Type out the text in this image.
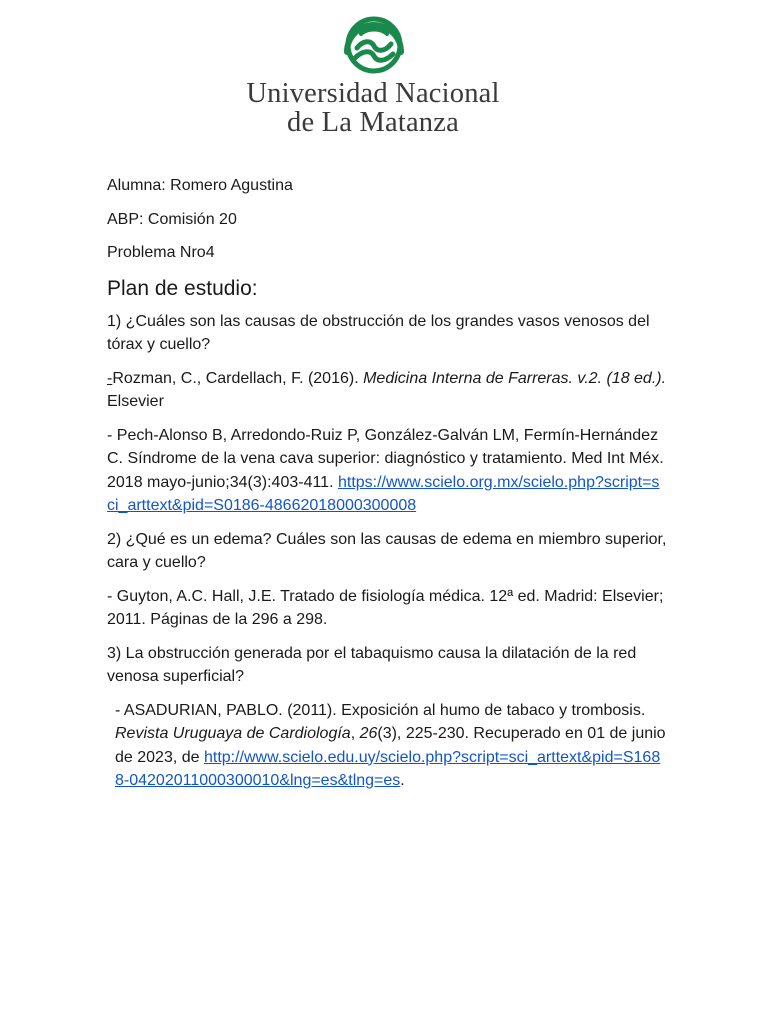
Universidad Nacional
de La Matanza

Alumna: Romero Agustina

ABP: Comisión 20

Problema Nro4

Plan de estudio:

1) ¿Cuáles son las causas de obstrucción de los grandes vasos venosos del tórax y cuello?

-Rozman, C., Cardellach, F. (2016). Medicina Interna de Farreras. v.2. (18 ed.). Elsevier

- Pech-Alonso B, Arredondo-Ruiz P, González-Galván LM, Fermín-Hernández C. Síndrome de la vena cava superior: diagnóstico y tratamiento. Med Int Méx. 2018 mayo-junio;34(3):403-411. https://www.scielo.org.mx/scielo.php?script=sci_arttext&pid=S0186-48662018000300008

2) ¿Qué es un edema? Cuáles son las causas de edema en miembro superior, cara y cuello?

- Guyton, A.C. Hall, J.E. Tratado de fisiología médica. 12ª ed. Madrid: Elsevier; 2011. Páginas de la 296 a 298.

3) La obstrucción generada por el tabaquismo causa la dilatación de la red venosa superficial?

- ASADURIAN, PABLO. (2011). Exposición al humo de tabaco y trombosis. Revista Uruguaya de Cardiología, 26(3), 225-230. Recuperado en 01 de junio de 2023, de http://www.scielo.edu.uy/scielo.php?script=sci_arttext&pid=S1688-04202011000300010&lng=es&tlng=es.
